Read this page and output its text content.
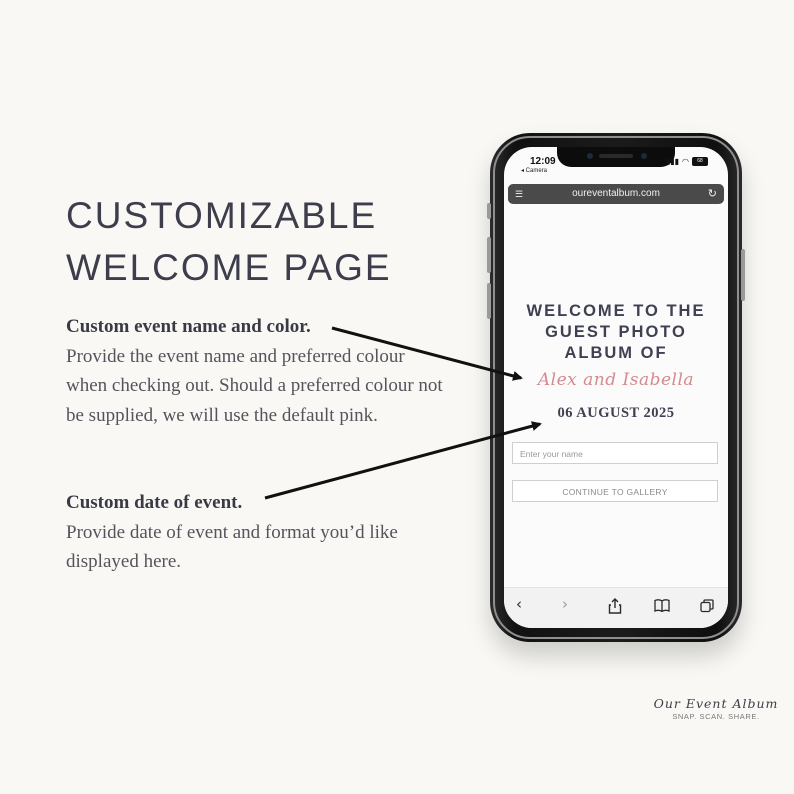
CUSTOMIZABLE
WELCOME PAGE
Custom event name and color.
Provide the event name and preferred colour when checking out. Should a preferred colour not be supplied, we will use the default pink.
Custom date of event.
Provide date of event and format you’d like displayed here.
12:09
◂ Camera
▮▮▮ ◠	68
☰	oureventalbum.com	↻
WELCOME TO THE
GUEST PHOTO
ALBUM OF
Alex and Isabella
06 AUGUST 2025
Enter your name
CONTINUE TO GALLERY
‹	›
Our Event Album
SNAP. SCAN. SHARE.
